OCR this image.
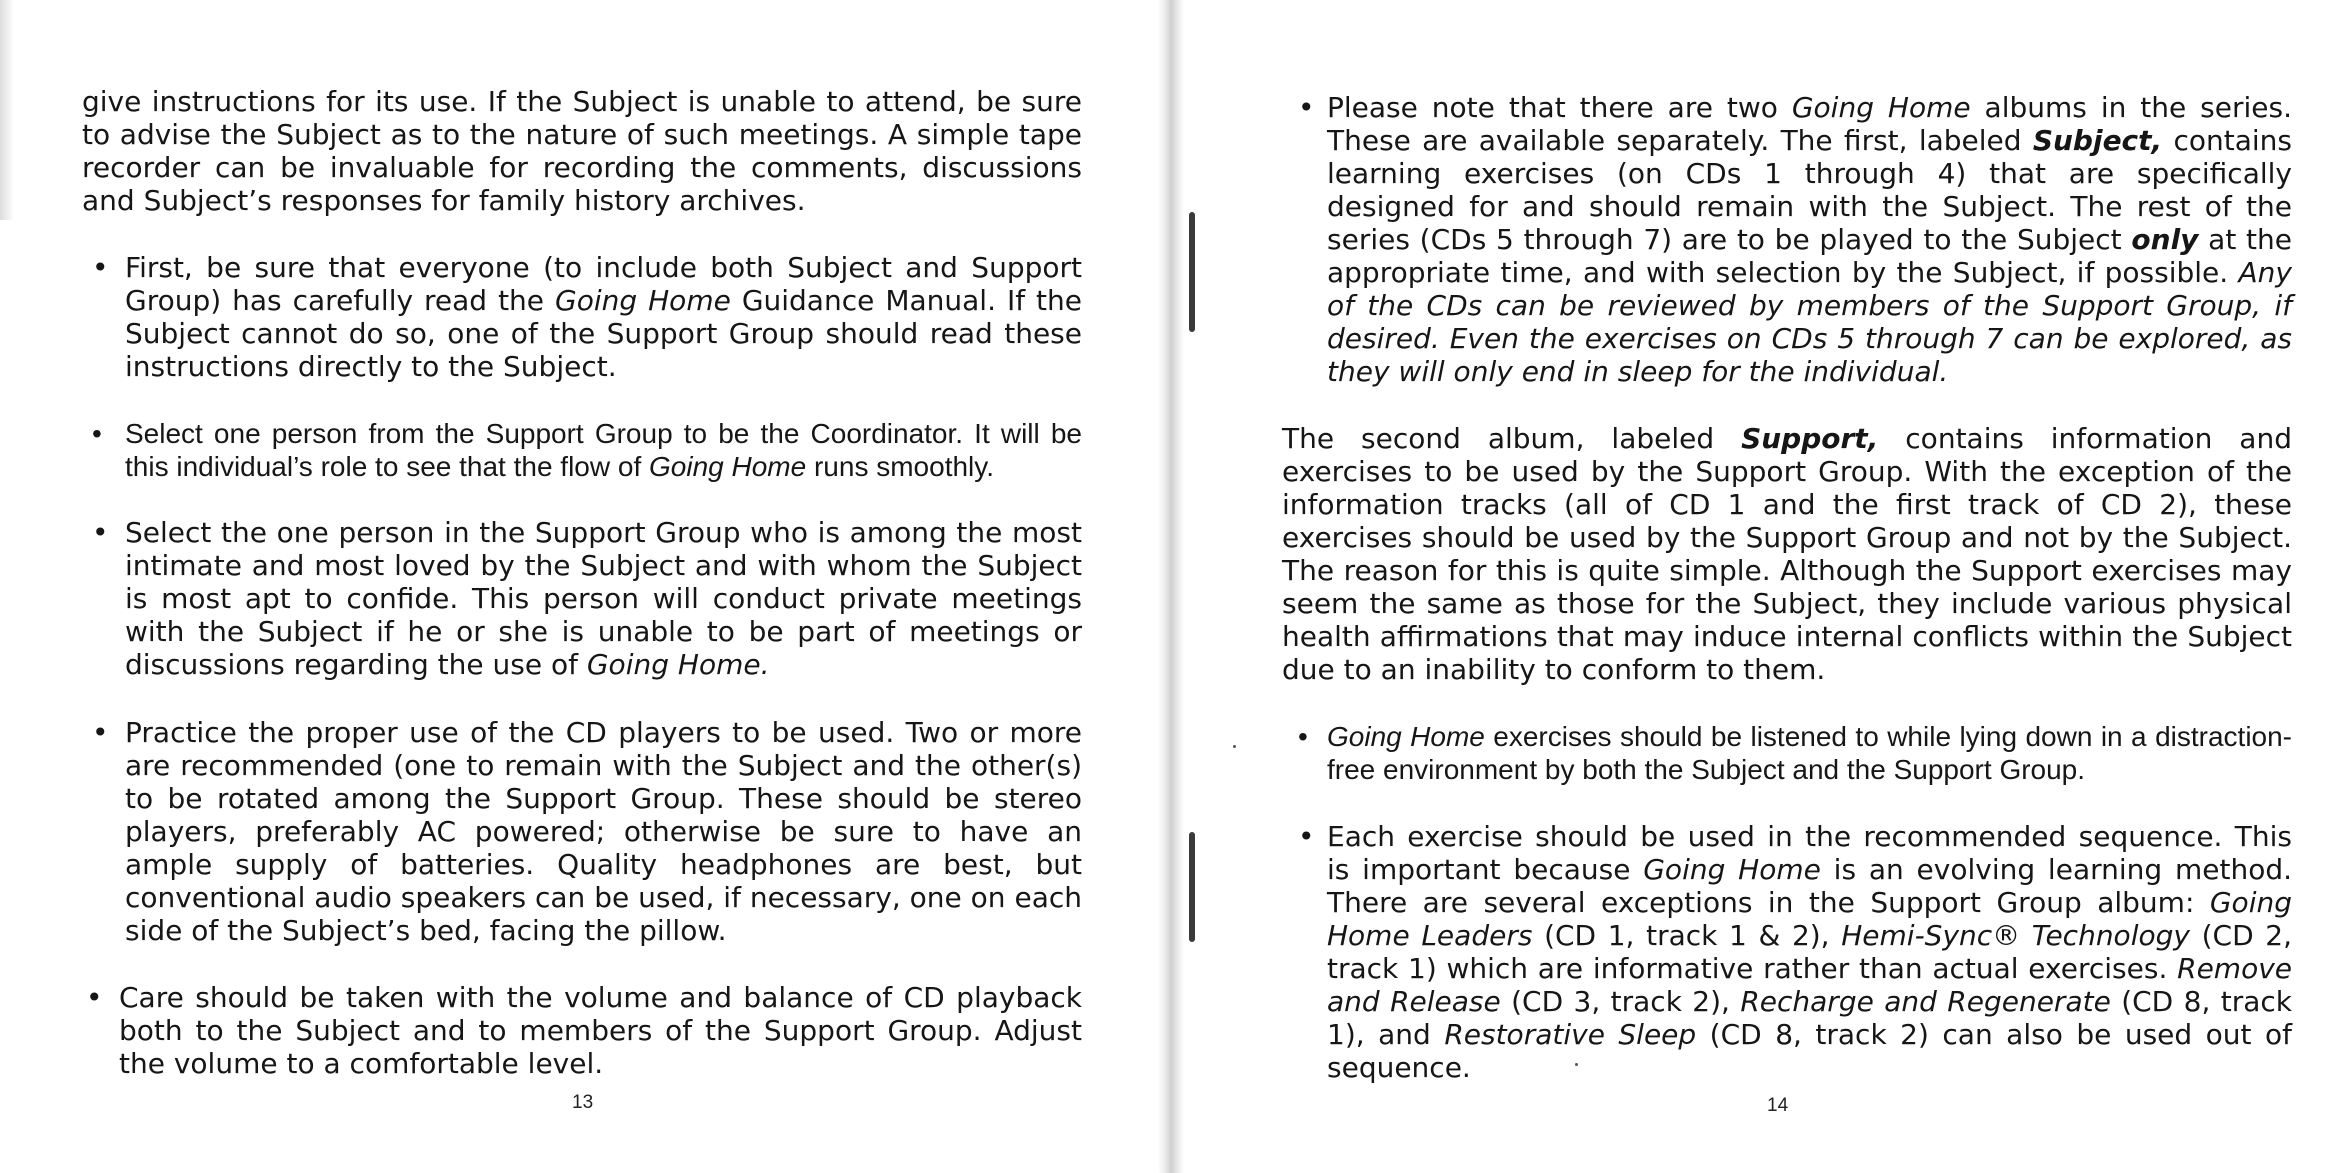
give instructions for its use. If the Subject is unable to attend, be sure to advise the Subject as to the nature of such meetings. A simple tape recorder can be invaluable for recording the comments, discussions and Subject’s responses for family history archives.

• First, be sure that everyone (to include both Subject and Support Group) has carefully read the Going Home Guidance Manual. If the Subject cannot do so, one of the Support Group should read these instructions directly to the Subject.

• Select one person from the Support Group to be the Coordinator. It will be this individual’s role to see that the flow of Going Home runs smoothly.

• Select the one person in the Support Group who is among the most intimate and most loved by the Subject and with whom the Subject is most apt to confide. This person will conduct private meetings with the Subject if he or she is unable to be part of meetings or discussions regarding the use of Going Home.

• Practice the proper use of the CD players to be used. Two or more are recommended (one to remain with the Subject and the other(s) to be rotated among the Support Group. These should be stereo players, preferably AC powered; otherwise be sure to have an ample supply of batteries. Quality headphones are best, but conventional audio speakers can be used, if necessary, one on each side of the Subject’s bed, facing the pillow.

• Care should be taken with the volume and balance of CD playback both to the Subject and to members of the Support Group. Adjust the volume to a comfortable level.

13
• Please note that there are two Going Home albums in the series. These are available separately. The first, labeled Subject, contains learning exercises (on CDs 1 through 4) that are specifically designed for and should remain with the Subject. The rest of the series (CDs 5 through 7) are to be played to the Subject only at the appropriate time, and with selection by the Subject, if possible. Any of the CDs can be reviewed by members of the Support Group, if desired. Even the exercises on CDs 5 through 7 can be explored, as they will only end in sleep for the individual.

The second album, labeled Support, contains information and exercises to be used by the Support Group. With the exception of the information tracks (all of CD 1 and the first track of CD 2), these exercises should be used by the Support Group and not by the Subject. The reason for this is quite simple. Although the Support exercises may seem the same as those for the Subject, they include various physical health affirmations that may induce internal conflicts within the Subject due to an inability to conform to them.

• Going Home exercises should be listened to while lying down in a distraction-free environment by both the Subject and the Support Group.

• Each exercise should be used in the recommended sequence. This is important because Going Home is an evolving learning method. There are several exceptions in the Support Group album: Going Home Leaders (CD 1, track 1 & 2), Hemi-Sync® Technology (CD 2, track 1) which are informative rather than actual exercises. Remove and Release (CD 3, track 2), Recharge and Regenerate (CD 8, track 1), and Restorative Sleep (CD 8, track 2) can also be used out of sequence.

14
